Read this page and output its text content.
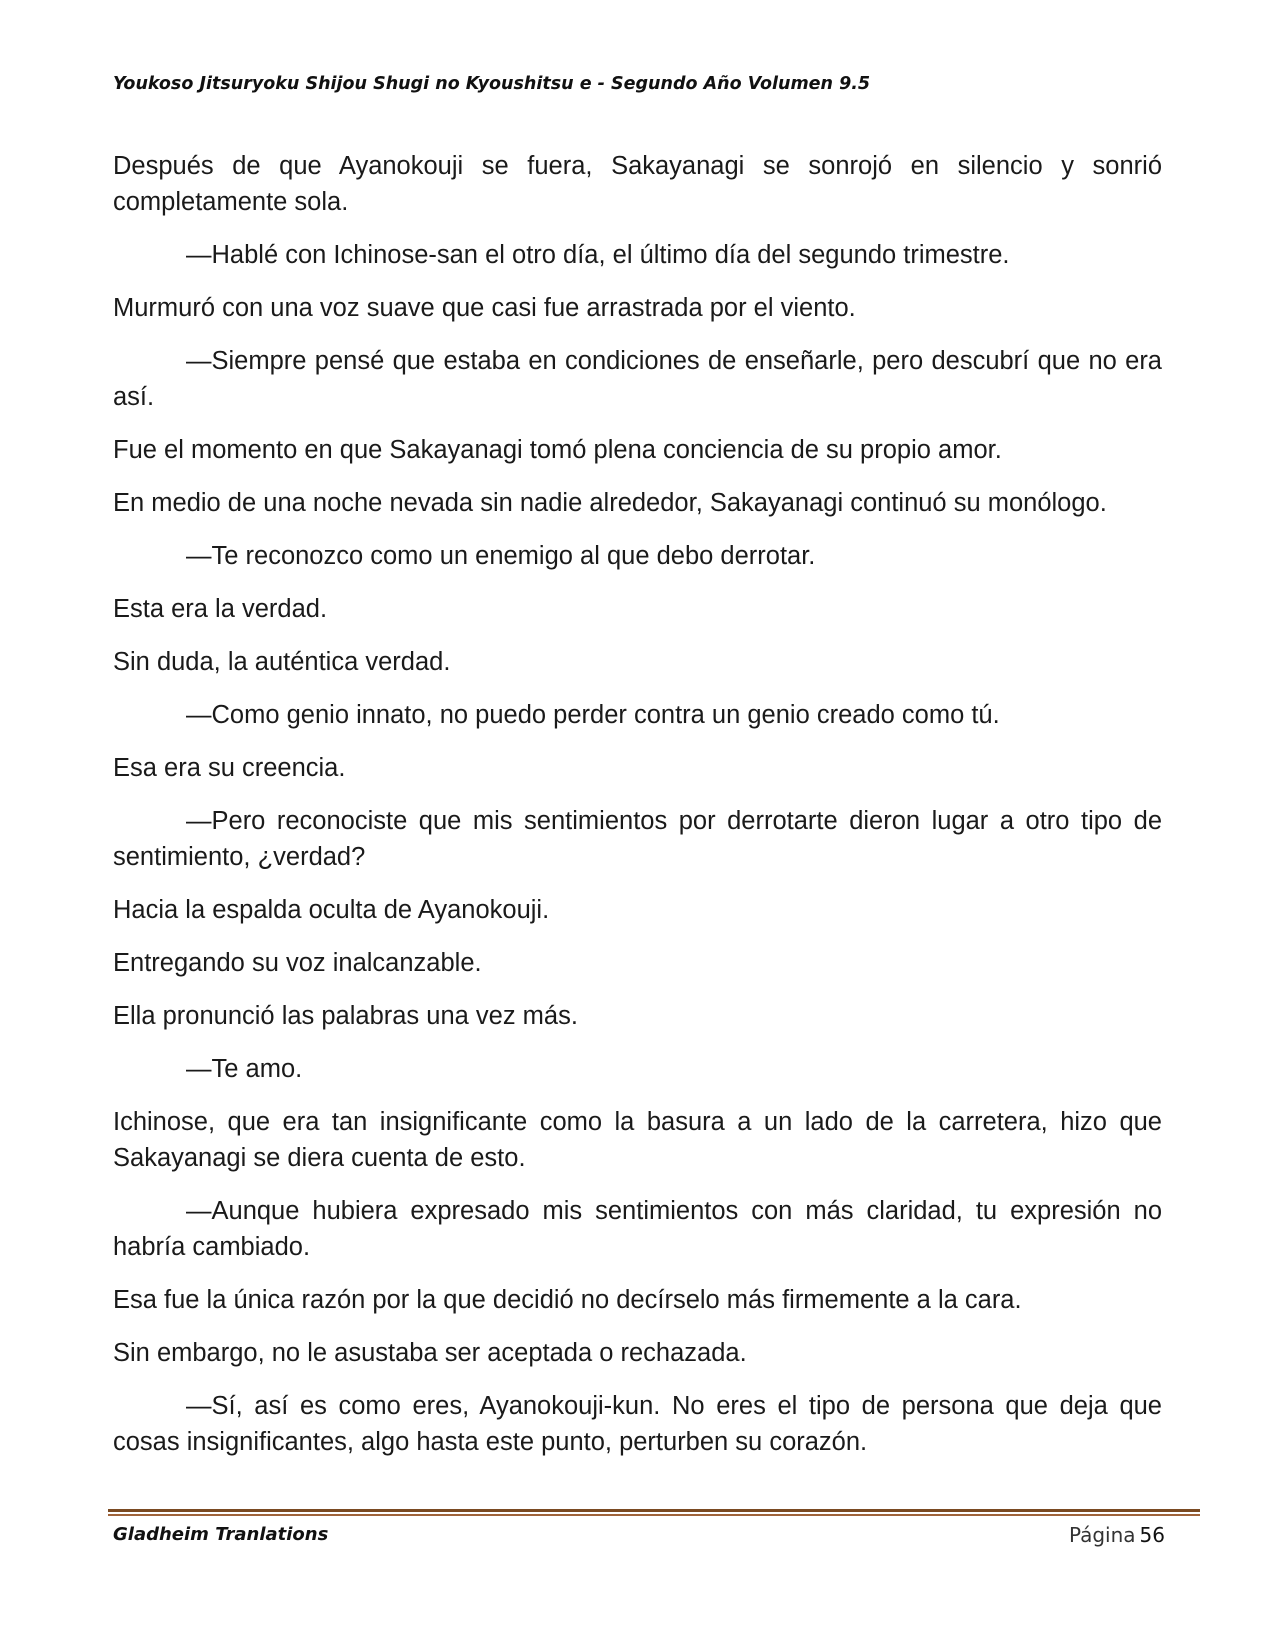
Youkoso Jitsuryoku Shijou Shugi no Kyoushitsu e - Segundo Año Volumen 9.5

Después de que Ayanokouji se fuera, Sakayanagi se sonrojó en silencio y sonrió completamente sola.

—Hablé con Ichinose-san el otro día, el último día del segundo trimestre.

Murmuró con una voz suave que casi fue arrastrada por el viento.

—Siempre pensé que estaba en condiciones de enseñarle, pero descubrí que no era así.

Fue el momento en que Sakayanagi tomó plena conciencia de su propio amor.

En medio de una noche nevada sin nadie alrededor, Sakayanagi continuó su monólogo.

—Te reconozco como un enemigo al que debo derrotar.

Esta era la verdad.

Sin duda, la auténtica verdad.

—Como genio innato, no puedo perder contra un genio creado como tú.

Esa era su creencia.

—Pero reconociste que mis sentimientos por derrotarte dieron lugar a otro tipo de sentimiento, ¿verdad?

Hacia la espalda oculta de Ayanokouji.

Entregando su voz inalcanzable.

Ella pronunció las palabras una vez más.

—Te amo.

Ichinose, que era tan insignificante como la basura a un lado de la carretera, hizo que Sakayanagi se diera cuenta de esto.

—Aunque hubiera expresado mis sentimientos con más claridad, tu expresión no habría cambiado.

Esa fue la única razón por la que decidió no decírselo más firmemente a la cara.

Sin embargo, no le asustaba ser aceptada o rechazada.

—Sí, así es como eres, Ayanokouji-kun. No eres el tipo de persona que deja que cosas insignificantes, algo hasta este punto, perturben su corazón.

Gladheim Tranlations	Página 56
